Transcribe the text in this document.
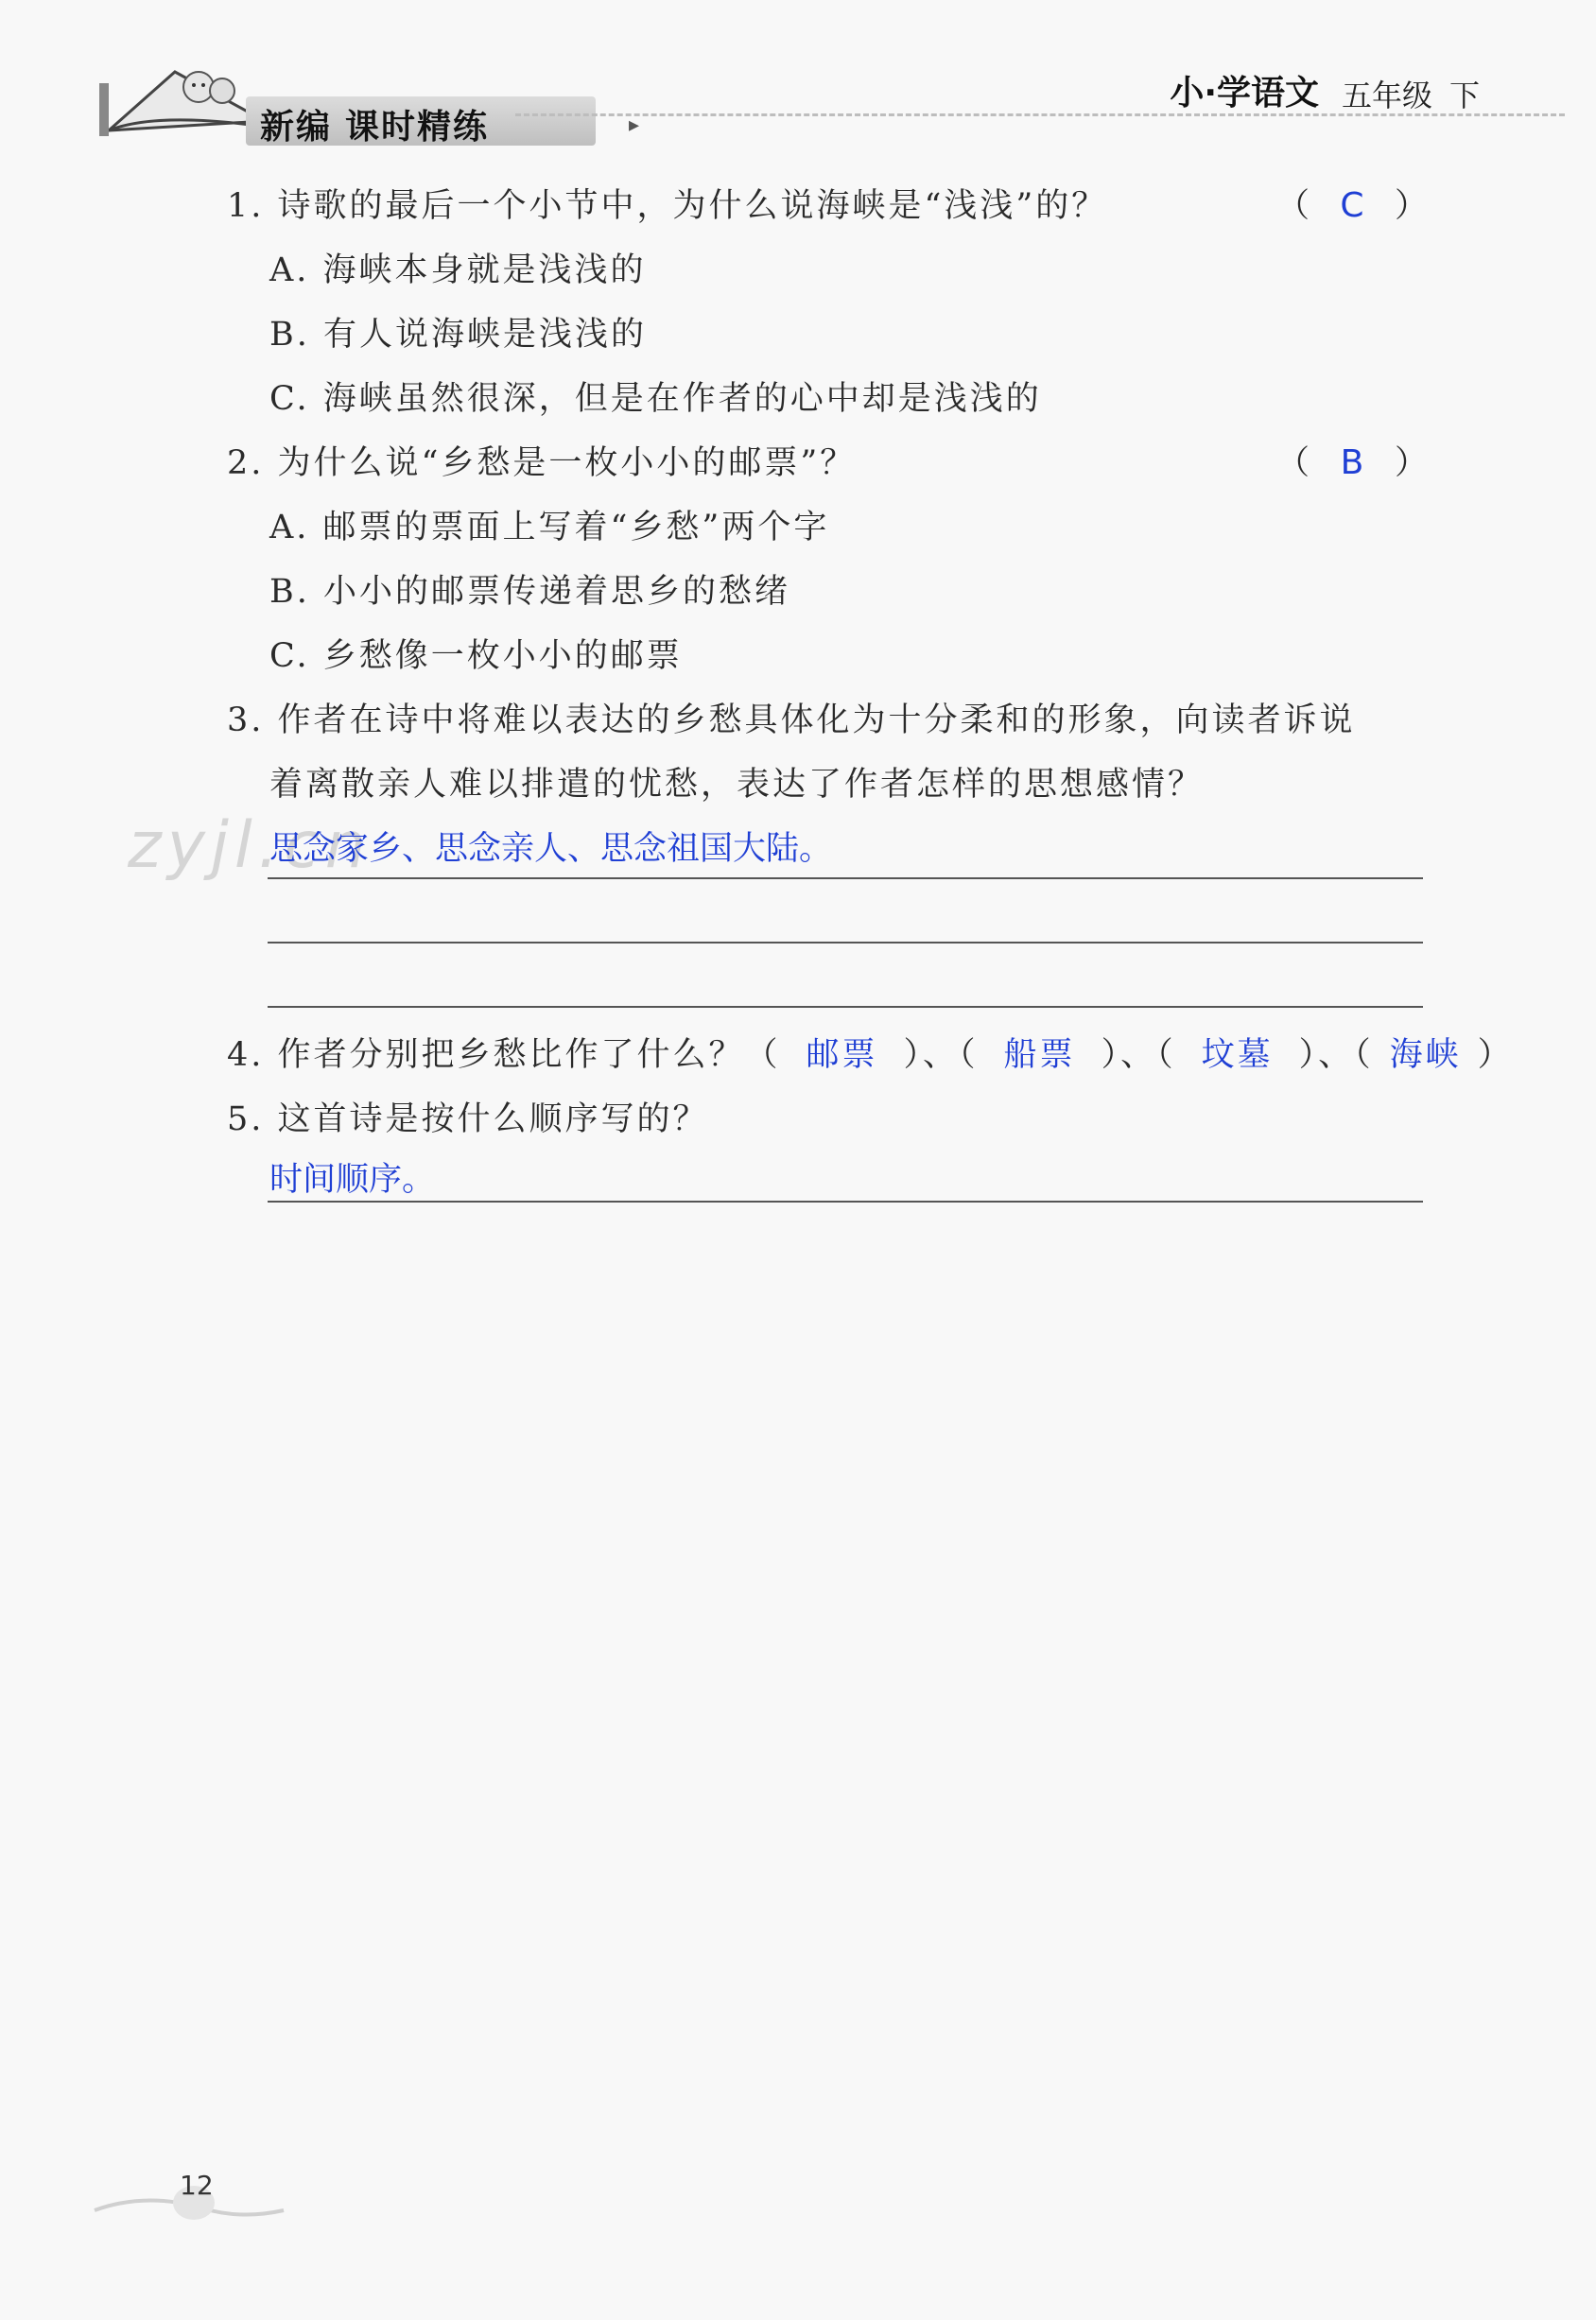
新编 课时精练	▸
小·学语文 五年级 下
zyjl.cn
1. 诗歌的最后一个小节中，为什么说海峡是“浅浅”的？	（ C ）
A. 海峡本身就是浅浅的
B. 有人说海峡是浅浅的
C. 海峡虽然很深，但是在作者的心中却是浅浅的
2. 为什么说“乡愁是一枚小小的邮票”？	（ B ）
A. 邮票的票面上写着“乡愁”两个字
B. 小小的邮票传递着思乡的愁绪
C. 乡愁像一枚小小的邮票
3. 作者在诗中将难以表达的乡愁具体化为十分柔和的形象，向读者诉说
着离散亲人难以排遣的忧愁，表达了作者怎样的思想感情？
思念家乡、思念亲人、思念祖国大陆。
4. 作者分别把乡愁比作了什么？（ 邮票 ）、（ 船票 ）、（ 坟墓 ）、（ 海峡 ）
5. 这首诗是按什么顺序写的？
时间顺序。
12
